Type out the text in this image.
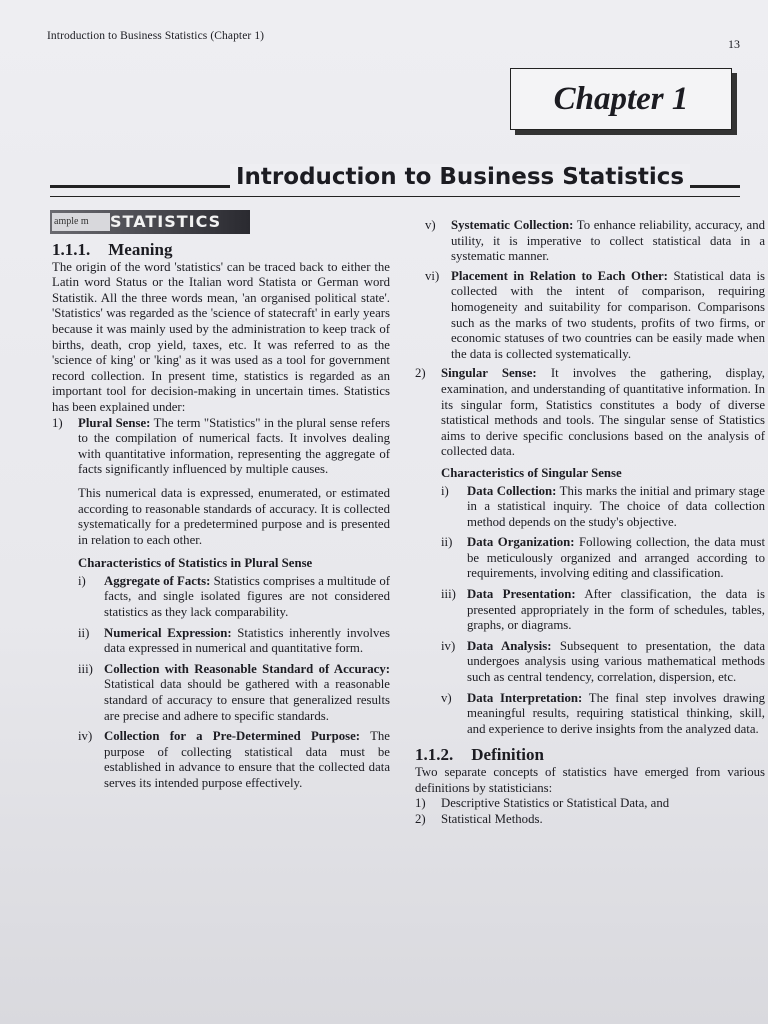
Introduction to Business Statistics (Chapter 1)
13
Chapter 1
Introduction to Business Statistics
STATISTICS
ample m
1.1.1. Meaning

The origin of the word 'statistics' can be traced back to either the Latin word Status or the Italian word Statista or German word Statistik. All the three words mean, 'an organised political state'. 'Statistics' was regarded as the 'science of statecraft' in early years because it was mainly used by the administration to keep track of births, death, crop yield, taxes, etc. It was referred to as the 'science of king' or 'king' as it was used as a tool for government record collection. In present time, statistics is regarded as an important tool for decision-making in uncertain times. Statistics has been explained under:

1)	Plural Sense: The term "Statistics" in the plural sense refers to the compilation of numerical facts. It involves dealing with quantitative information, representing the aggregate of facts significantly influenced by multiple causes.

This numerical data is expressed, enumerated, or estimated according to reasonable standards of accuracy. It is collected systematically for a predetermined purpose and is presented in relation to each other.

Characteristics of Statistics in Plural Sense
i)	Aggregate of Facts: Statistics comprises a multitude of facts, and single isolated figures are not considered statistics as they lack comparability.
ii)	Numerical Expression: Statistics inherently involves data expressed in numerical and quantitative form.
iii) Collection with Reasonable Standard of Accuracy: Statistical data should be gathered with a reasonable standard of accuracy to ensure that generalized results are precise and adhere to specific standards.
iv) Collection for a Pre-Determined Purpose: The purpose of collecting statistical data must be established in advance to ensure that the collected data serves its intended purpose effectively.
v)	Systematic Collection: To enhance reliability, accuracy, and utility, it is imperative to collect statistical data in a systematic manner.
vi) Placement in Relation to Each Other: Statistical data is collected with the intent of comparison, requiring homogeneity and suitability for comparison. Comparisons such as the marks of two students, profits of two firms, or economic statuses of two countries can be easily made when the data is collected systematically.
2)	Singular Sense: It involves the gathering, display, examination, and understanding of quantitative information. In its singular form, Statistics constitutes a body of diverse statistical methods and tools. The singular sense of Statistics aims to derive specific conclusions based on the analysis of collected data.
Characteristics of Singular Sense
i)	Data Collection: This marks the initial and primary stage in a statistical inquiry. The choice of data collection method depends on the study's objective.
ii)	Data Organization: Following collection, the data must be meticulously organized and arranged according to requirements, involving editing and classification.
iii) Data Presentation: After classification, the data is presented appropriately in the form of schedules, tables, graphs, or diagrams.
iv) Data Analysis: Subsequent to presentation, the data undergoes analysis using various mathematical methods such as central tendency, correlation, dispersion, etc.
v)	Data Interpretation: The final step involves drawing meaningful results, requiring statistical thinking, skill, and experience to derive insights from the analyzed data.
1.1.2. Definition

Two separate concepts of statistics have emerged from various definitions by statisticians:

1)	Descriptive Statistics or Statistical Data, and
2)	Statistical Methods.
